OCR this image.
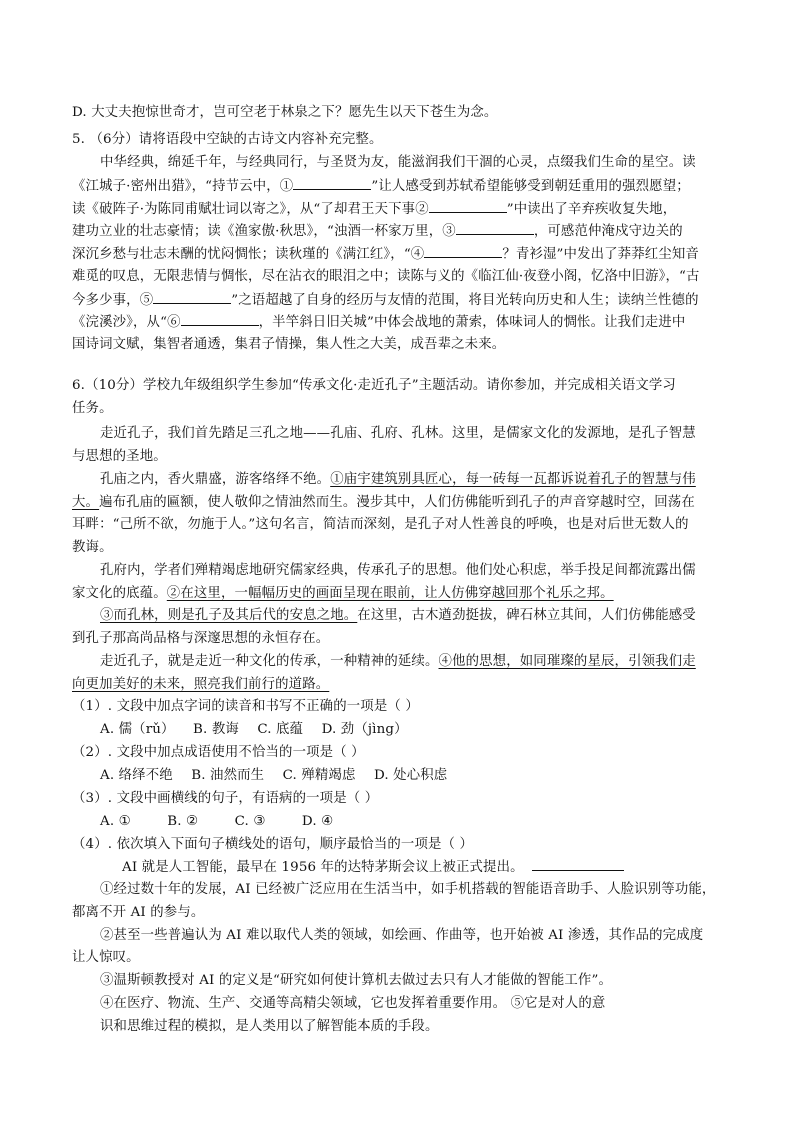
D. 大丈夫抱惊世奇才，岂可空老于林泉之下？愿先生以天下苍生为念。
5. （6分）请将语段中空缺的古诗文内容补充完整。
中华经典，绵延千年，与经典同行，与圣贤为友，能滋润我们干涸的心灵，点缀我们生命的星空。读
《江城子·密州出猎》，“持节云中，①	”让人感受到苏轼希望能够受到朝廷重用的强烈愿望；
读《破阵子·为陈同甫赋壮词以寄之》，从“了却君王天下事②	”中读出了辛弃疾收复失地，
建功立业的壮志豪情；读《渔家傲·秋思》，“浊酒一杯家万里，③	，可感范仲淹戍守边关的
深沉乡愁与壮志未酬的忧闷惆怅；读秋瑾的《满江红》，“④	？青衫湿”中发出了莽莽红尘知音
难觅的叹息，无限悲情与惆怅，尽在沾衣的眼泪之中；读陈与义的《临江仙·夜登小阁，忆洛中旧游》，“古
今多少事，⑤	”之语超越了自身的经历与友情的范围，将目光转向历史和人生；读纳兰性德的
《浣溪沙》，从“⑥	，半竿斜日旧关城”中体会战地的萧索，体味词人的惆怅。让我们走进中
国诗词文赋，集智者通透，集君子情操，集人性之大美，成吾辈之未来。
6.（10分）学校九年级组织学生参加“传承文化·走近孔子”主题活动。请你参加，并完成相关语文学习
任务。
走近孔子，我们首先踏足三孔之地——孔庙、孔府、孔林。这里，是儒家文化的发源地，是孔子智慧
与思想的圣地。
孔庙之内，香火鼎盛，游客络绎不绝。①庙宇建筑别具匠心，每一砖每一瓦都诉说着孔子的智慧与伟
大。遍布孔庙的匾额，使人敬仰之情油然而生。漫步其中，人们仿佛能听到孔子的声音穿越时空，回荡在
耳畔：“己所不欲，勿施于人。”这句名言，简洁而深刻，是孔子对人性善良的呼唤，也是对后世无数人的
教诲。
孔府内，学者们殚精竭虑地研究儒家经典，传承孔子的思想。他们处心积虑，举手投足间都流露出儒
家文化的底蕴。②在这里，一幅幅历史的画面呈现在眼前，让人仿佛穿越回那个礼乐之邦。
③而孔林，则是孔子及其后代的安息之地。在这里，古木遒劲挺拔，碑石林立其间，人们仿佛能感受
到孔子那高尚品格与深邃思想的永恒存在。
走近孔子，就是走近一种文化的传承，一种精神的延续。④他的思想，如同璀璨的星辰，引领我们走
向更加美好的未来，照亮我们前行的道路。
（1）. 文段中加点字词的读音和书写不正确的一项是（ ）
A. 儒（rǔ） B. 教诲 C. 底蕴 D. 劲（jìng）
（2）. 文段中加点成语使用不恰当的一项是（ ）
A. 络绎不绝 B. 油然而生 C. 殚精竭虑 D. 处心积虑
（3）. 文段中画横线的句子，有语病的一项是（ ）
A. ①	B. ②	C. ③	D. ④
（4）. 依次填入下面句子横线处的语句，顺序最恰当的一项是（ ）
AI 就是人工智能，最早在 1956 年的达特茅斯会议上被正式提出。
①经过数十年的发展，AI 已经被广泛应用在生活当中，如手机搭载的智能语音助手、人脸识别等功能，
都离不开 AI 的参与。
②甚至一些普遍认为 AI 难以取代人类的领域，如绘画、作曲等，也开始被 AI 渗透，其作品的完成度
让人惊叹。
③温斯顿教授对 AI 的定义是“研究如何使计算机去做过去只有人才能做的智能工作”。
④在医疗、物流、生产、交通等高精尖领域，它也发挥着重要作用。 ⑤它是对人的意
识和思维过程的模拟，是人类用以了解智能本质的手段。
